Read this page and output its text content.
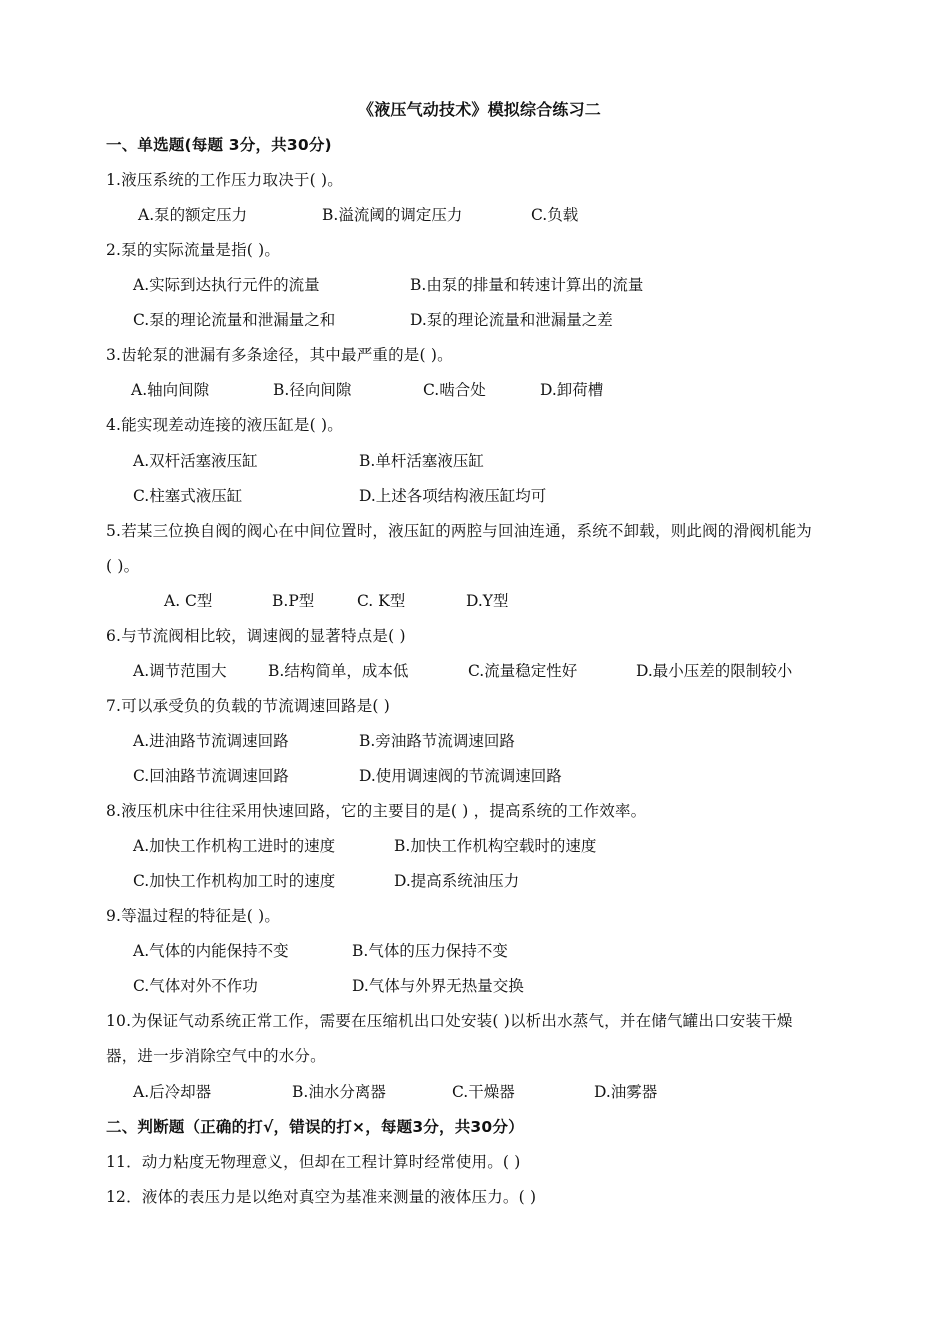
《液压气动技术》模拟综合练习二
一、单选题(每题 3分，共30分)
1.液压系统的工作压力取决于( )。
A.泵的额定压力	B.溢流阈的调定压力	C.负载
2.泵的实际流量是指( )。
A.实际到达执行元件的流量	B.由泵的排量和转速计算出的流量
C.泵的理论流量和泄漏量之和	D.泵的理论流量和泄漏量之差
3.齿轮泵的泄漏有多条途径，其中最严重的是( )。
A.轴向间隙	B.径向间隙	C.啮合处	D.卸荷槽
4.能实现差动连接的液压缸是( )。
A.双杆活塞液压缸	B.单杆活塞液压缸
C.柱塞式液压缸	D.上述各项结构液压缸均可
5.若某三位换自阀的阀心在中间位置时，液压缸的两腔与回油连通，系统不卸载，则此阀的滑阀机能为
( )。
A. C型	B.P型	C. K型	D.Y型
6.与节流阀相比较，调速阀的显著特点是( )
A.调节范围大	B.结构简单，成本低	C.流量稳定性好	D.最小压差的限制较小
7.可以承受负的负载的节流调速回路是( )
A.进油路节流调速回路	B.旁油路节流调速回路
C.回油路节流调速回路	D.使用调速阀的节流调速回路
8.液压机床中往往采用快速回路，它的主要目的是( ) ，提高系统的工作效率。
A.加快工作机构工进时的速度	B.加快工作机构空载时的速度
C.加快工作机构加工时的速度	D.提高系统油压力
9.等温过程的特征是( )。
A.气体的内能保持不变	B.气体的压力保持不变
C.气体对外不作功	D.气体与外界无热量交换
10.为保证气动系统正常工作，需要在压缩机出口处安装( )以析出水蒸气，并在储气罐出口安装干燥
器，进一步消除空气中的水分。
A.后冷却器	B.油水分离器	C.干燥器	D.油雾器
二、判断题（正确的打√，错误的打×，每题3分，共30分）
11．动力粘度无物理意义，但却在工程计算时经常使用。( )
12．液体的表压力是以绝对真空为基准来测量的液体压力。( )
